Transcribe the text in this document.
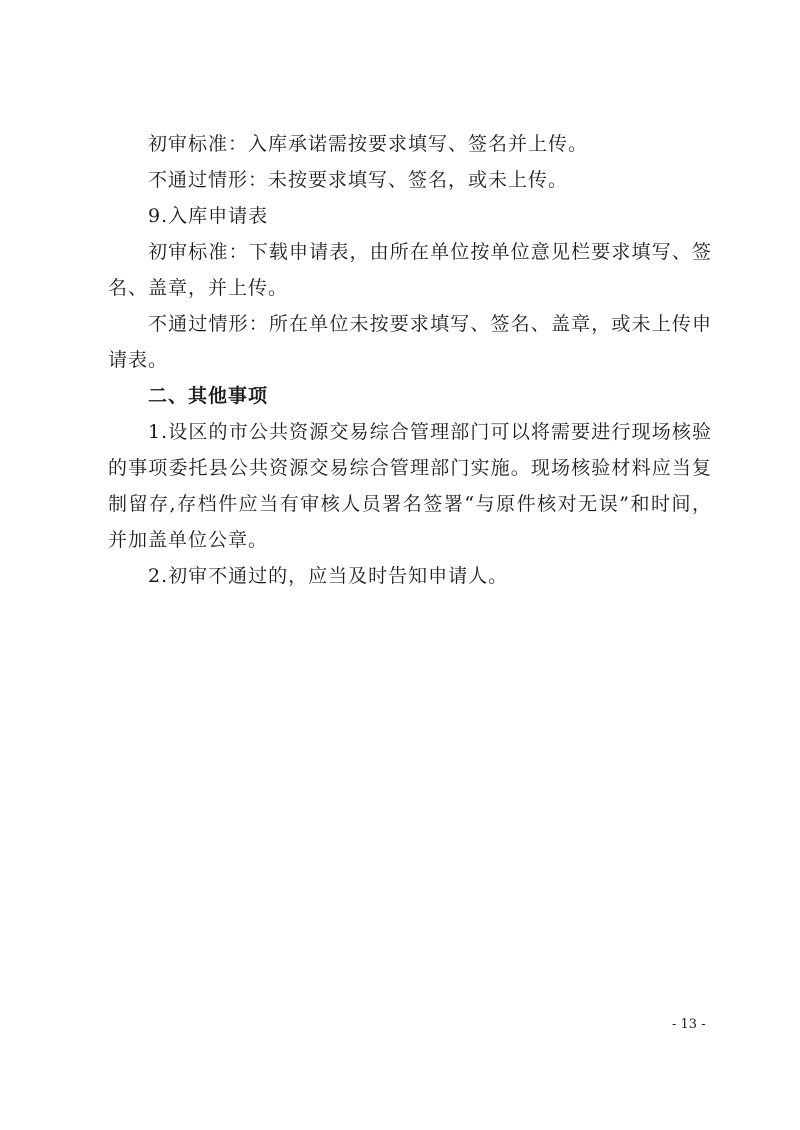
初审标准：入库承诺需按要求填写、签名并上传。

不通过情形：未按要求填写、签名，或未上传。

9.入库申请表

初审标准：下载申请表，由所在单位按单位意见栏要求填写、签名、盖章，并上传。

不通过情形：所在单位未按要求填写、签名、盖章，或未上传申请表。

二、其他事项

1.设区的市公共资源交易综合管理部门可以将需要进行现场核验的事项委托县公共资源交易综合管理部门实施。现场核验材料应当复制留存,存档件应当有审核人员署名签署“与原件核对无误”和时间，并加盖单位公章。

2.初审不通过的，应当及时告知申请人。

- 13 -
